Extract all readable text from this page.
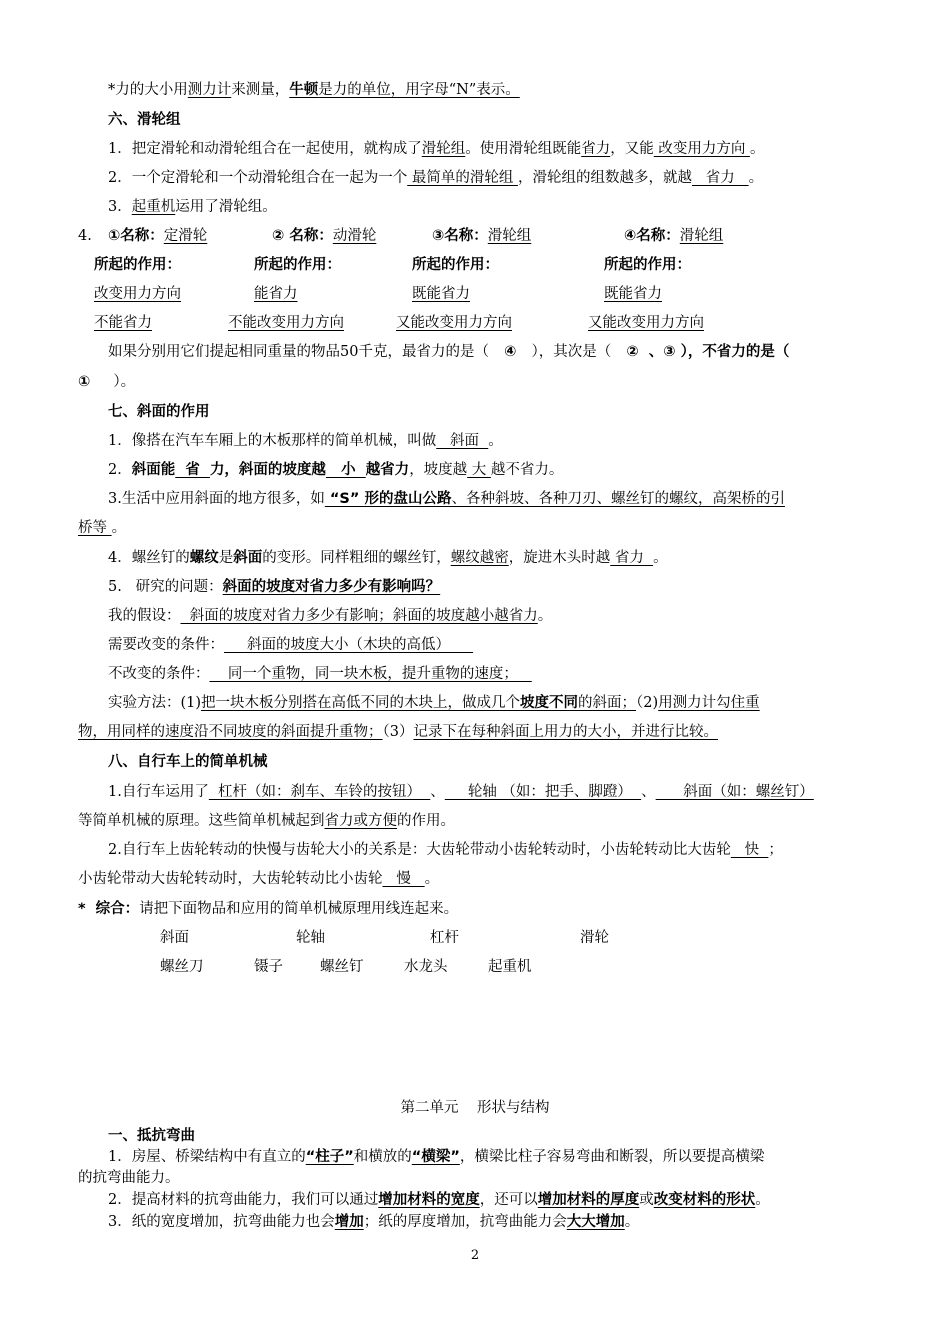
*力的大小用测力计来测量，牛顿是力的单位，用字母“N”表示。
六、滑轮组
1．把定滑轮和动滑轮组合在一起使用，就构成了滑轮组。使用滑轮组既能省力，又能 改变用力方向 。
2．一个定滑轮和一个动滑轮组合在一起为一个 最简单的滑轮组 ，滑轮组的组数越多，就越   省力   。
3．起重机运用了滑轮组。
4. ①名称：定滑轮	② 名称：动滑轮	③名称：滑轮组	④名称：滑轮组
所起的作用：	所起的作用：	所起的作用：	所起的作用：
改变用力方向	能省力	既能省力	既能省力
不能省力	不能改变用力方向	又能改变用力方向	又能改变用力方向
如果分别用它们提起相同重量的物品50千克，最省力的是（   ④   ），其次是（   ②  、③ ），不省力的是（
①     ）。
七、斜面的作用
1．像搭在汽车车厢上的木板那样的简单机械，叫做   斜面  。
2．斜面能  省  力，斜面的坡度越   小  越省力，坡度越 大 越不省力。
3.生活中应用斜面的地方很多，如 “S” 形的盘山公路、各种斜坡、各种刀刃、螺丝钉的螺纹，高架桥的引
桥等 。
4．螺丝钉的螺纹是斜面的变形。同样粗细的螺丝钉，螺纹越密，旋进木头时越 省力  。
5.   研究的问题：斜面的坡度对省力多少有影响吗？
我的假设：  斜面的坡度对省力多少有影响；斜面的坡度越小越省力。
需要改变的条件：     斜面的坡度大小（木块的高低）
不改变的条件：    同一个重物，同一块木板，提升重物的速度；
实验方法：(1)把一块木板分别搭在高低不同的木块上，做成几个坡度不同的斜面；（2)用测力计勾住重
物，用同样的速度沿不同坡度的斜面提升重物；（3）记录下在每种斜面上用力的大小，并进行比较。
八、自行车上的简单机械
1.自行车运用了  杠杆（如：刹车、车铃的按钮）  、     轮轴 （如：把手、脚蹬）  、      斜面（如：螺丝钉）
等简单机械的原理。这些简单机械起到省力或方便的作用。
2.自行车上齿轮转动的快慢与齿轮大小的关系是：大齿轮带动小齿轮转动时，小齿轮转动比大齿轮   快  ；
小齿轮带动大齿轮转动时，大齿轮转动比小齿轮   慢   。
*  综合：请把下面物品和应用的简单机械原理用线连起来。
斜面	轮轴	杠杆	滑轮
螺丝刀	镊子	螺丝钉	水龙头	起重机
第二单元    形状与结构
一、抵抗弯曲
1．房屋、桥梁结构中有直立的“柱子”和横放的“横梁”，横梁比柱子容易弯曲和断裂，所以要提高横梁
的抗弯曲能力。
2．提高材料的抗弯曲能力，我们可以通过增加材料的宽度，还可以增加材料的厚度或改变材料的形状。
3．纸的宽度增加，抗弯曲能力也会增加；纸的厚度增加，抗弯曲能力会大大增加。
2
